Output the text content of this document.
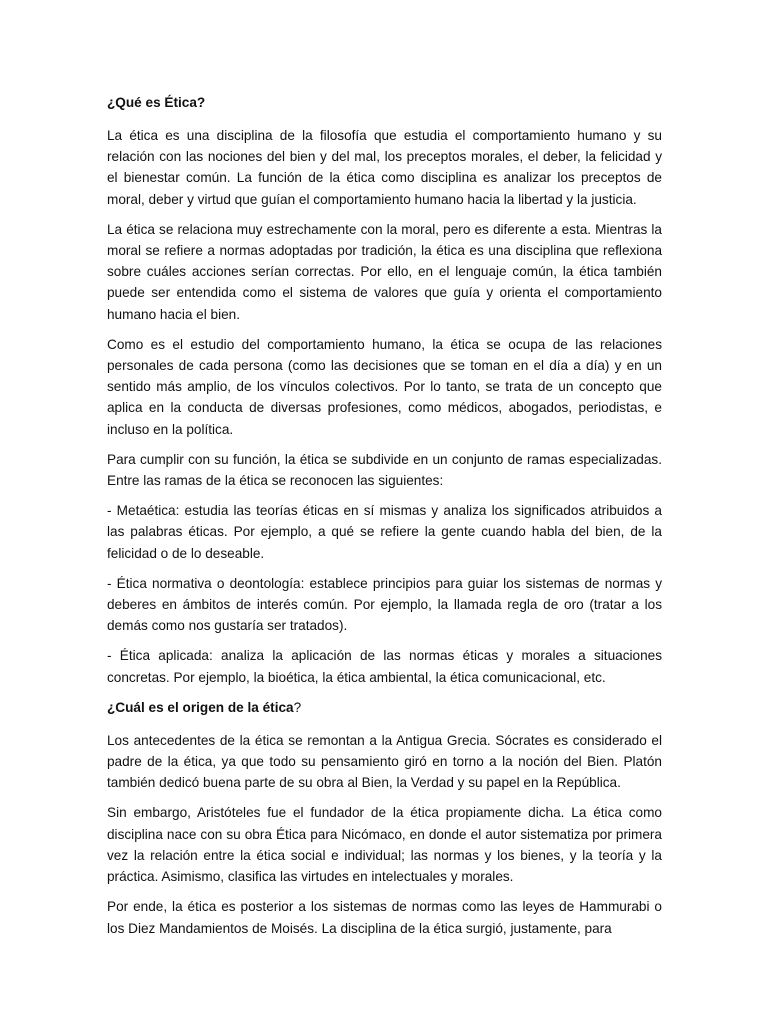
¿Qué es Ética?

La ética es una disciplina de la filosofía que estudia el comportamiento humano y su relación con las nociones del bien y del mal, los preceptos morales, el deber, la felicidad y el bienestar común. La función de la ética como disciplina es analizar los preceptos de moral, deber y virtud que guían el comportamiento humano hacia la libertad y la justicia.

La ética se relaciona muy estrechamente con la moral, pero es diferente a esta. Mientras la moral se refiere a normas adoptadas por tradición, la ética es una disciplina que reflexiona sobre cuáles acciones serían correctas. Por ello, en el lenguaje común, la ética también puede ser entendida como el sistema de valores que guía y orienta el comportamiento humano hacia el bien.

Como es el estudio del comportamiento humano, la ética se ocupa de las relaciones personales de cada persona (como las decisiones que se toman en el día a día) y en un sentido más amplio, de los vínculos colectivos. Por lo tanto, se trata de un concepto que aplica en la conducta de diversas profesiones, como médicos, abogados, periodistas, e incluso en la política.

Para cumplir con su función, la ética se subdivide en un conjunto de ramas especializadas. Entre las ramas de la ética se reconocen las siguientes:

- Metaética: estudia las teorías éticas en sí mismas y analiza los significados atribuidos a las palabras éticas. Por ejemplo, a qué se refiere la gente cuando habla del bien, de la felicidad o de lo deseable.

- Ética normativa o deontología: establece principios para guiar los sistemas de normas y deberes en ámbitos de interés común. Por ejemplo, la llamada regla de oro (tratar a los demás como nos gustaría ser tratados).

- Ética aplicada: analiza la aplicación de las normas éticas y morales a situaciones concretas. Por ejemplo, la bioética, la ética ambiental, la ética comunicacional, etc.

¿Cuál es el origen de la ética?

Los antecedentes de la ética se remontan a la Antigua Grecia. Sócrates es considerado el padre de la ética, ya que todo su pensamiento giró en torno a la noción del Bien. Platón también dedicó buena parte de su obra al Bien, la Verdad y su papel en la República.

Sin embargo, Aristóteles fue el fundador de la ética propiamente dicha. La ética como disciplina nace con su obra Ética para Nicómaco, en donde el autor sistematiza por primera vez la relación entre la ética social e individual; las normas y los bienes, y la teoría y la práctica. Asimismo, clasifica las virtudes en intelectuales y morales.

Por ende, la ética es posterior a los sistemas de normas como las leyes de Hammurabi o los Diez Mandamientos de Moisés. La disciplina de la ética surgió, justamente, para
